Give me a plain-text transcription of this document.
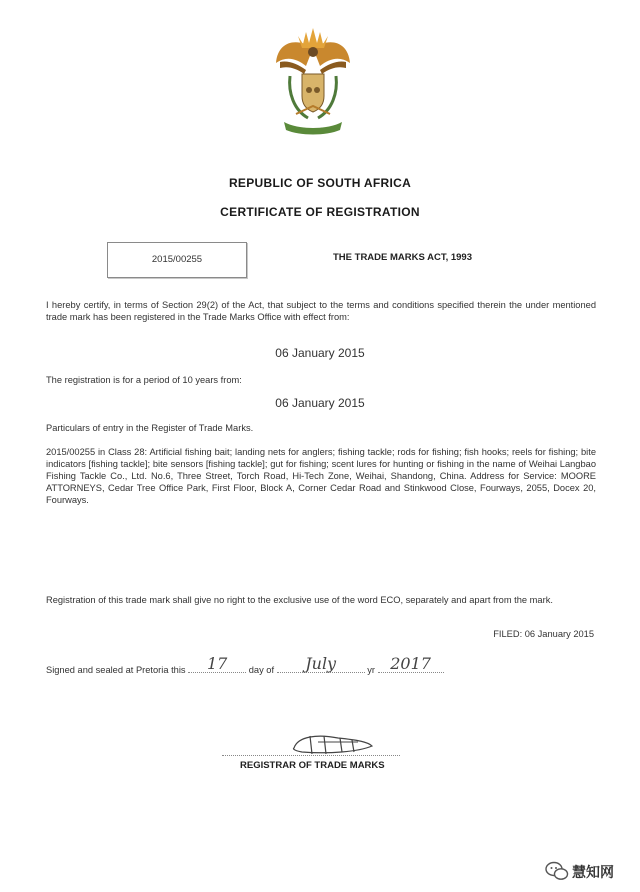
REPUBLIC OF SOUTH AFRICA
CERTIFICATE OF REGISTRATION
2015/00255	THE TRADE MARKS ACT, 1993
I hereby certify, in terms of Section 29(2) of the Act, that subject to the terms and conditions specified therein the under mentioned trade mark has been registered in the Trade Marks Office with effect from:
06 January 2015
The registration is for a period of 10 years from:
06 January 2015
Particulars of entry in the Register of Trade Marks.
2015/00255 in Class 28: Artificial fishing bait; landing nets for anglers; fishing tackle; rods for fishing; fish hooks; reels for fishing; bite indicators [fishing tackle]; bite sensors [fishing tackle]; gut for fishing; scent lures for hunting or fishing in the name of Weihai Langbao Fishing Tackle Co., Ltd. No.6, Three Street, Torch Road, Hi-Tech Zone, Weihai, Shandong, China. Address for Service: MOORE ATTORNEYS, Cedar Tree Office Park, First Floor, Block A, Corner Cedar Road and Stinkwood Close, Fourways, 2055, Docex 20, Fourways.
Registration of this trade mark shall give no right to the exclusive use of the word ECO, separately and apart from the mark.
FILED: 06 January 2015
Signed and sealed at Pretoria this	17	day of	July	yr 2017
REGISTRAR OF TRADE MARKS
慧知网
